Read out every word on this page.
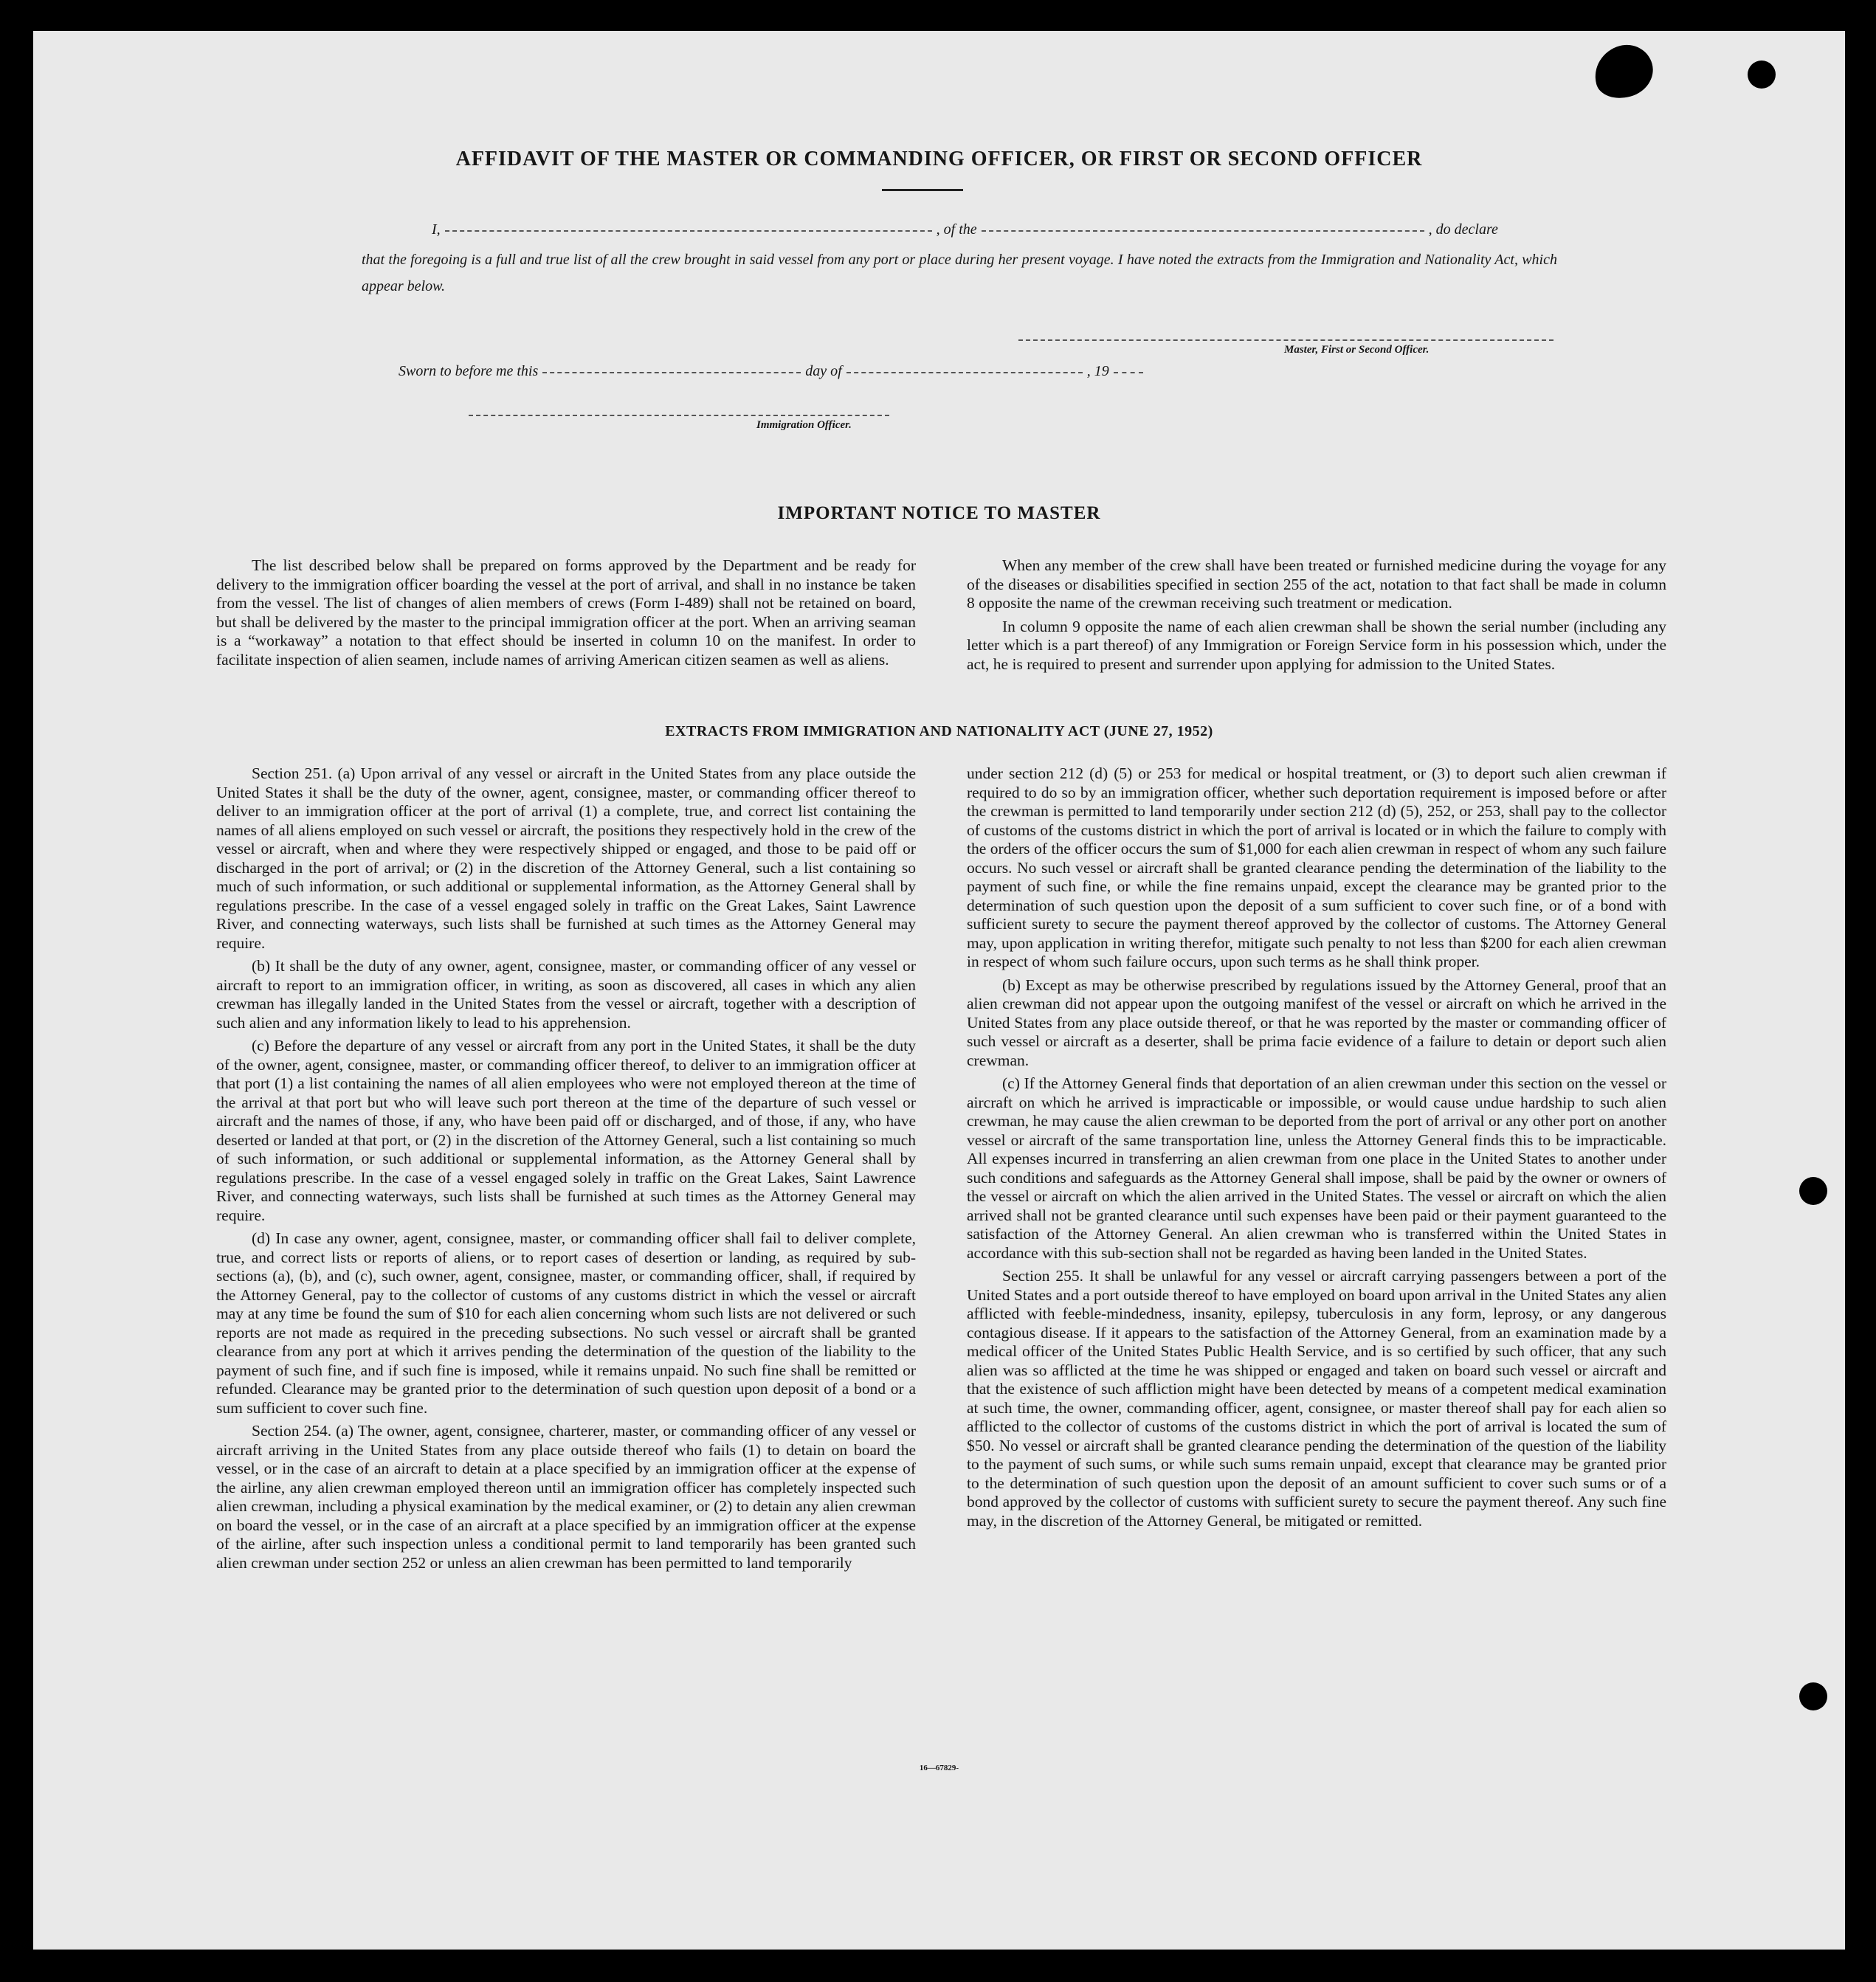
AFFIDAVIT OF THE MASTER OR COMMANDING OFFICER, OR FIRST OR SECOND OFFICER
I,	, of the	, do declare
that the foregoing is a full and true list of all the crew brought in said vessel from any port or place during her present voyage. I have noted the extracts from the Immigration and Nationality Act, which appear below.
Master, First or Second Officer.
Sworn to before me this	day of	, 19
Immigration Officer.
IMPORTANT NOTICE TO MASTER

The list described below shall be prepared on forms approved by the Department and be ready for delivery to the immigration officer boarding the vessel at the port of arrival, and shall in no instance be taken from the vessel. The list of changes of alien members of crews (Form I-489) shall not be retained on board, but shall be delivered by the master to the principal immigration officer at the port. When an arriving seaman is a “workaway” a notation to that effect should be inserted in column 10 on the manifest. In order to facilitate inspection of alien seamen, include names of arriving American citizen seamen as well as aliens.

When any member of the crew shall have been treated or furnished medicine during the voyage for any of the diseases or disabilities specified in section 255 of the act, notation to that fact shall be made in column 8 opposite the name of the crewman receiving such treatment or medication.

In column 9 opposite the name of each alien crewman shall be shown the serial number (including any letter which is a part thereof) of any Immigration or Foreign Service form in his possession which, under the act, he is required to present and surrender upon applying for admission to the United States.

EXTRACTS FROM IMMIGRATION AND NATIONALITY ACT (JUNE 27, 1952)

Section 251. (a) Upon arrival of any vessel or aircraft in the United States from any place outside the United States it shall be the duty of the owner, agent, consignee, master, or commanding officer thereof to deliver to an immigration officer at the port of arrival (1) a complete, true, and correct list containing the names of all aliens employed on such vessel or aircraft, the positions they respectively hold in the crew of the vessel or aircraft, when and where they were respectively shipped or engaged, and those to be paid off or discharged in the port of arrival; or (2) in the discretion of the Attorney General, such a list containing so much of such information, or such additional or supplemental information, as the Attorney General shall by regulations prescribe. In the case of a vessel engaged solely in traffic on the Great Lakes, Saint Lawrence River, and connecting waterways, such lists shall be furnished at such times as the Attorney General may require.

(b) It shall be the duty of any owner, agent, consignee, master, or commanding officer of any vessel or aircraft to report to an immigration officer, in writing, as soon as discovered, all cases in which any alien crewman has illegally landed in the United States from the vessel or aircraft, together with a description of such alien and any information likely to lead to his apprehension.

(c) Before the departure of any vessel or aircraft from any port in the United States, it shall be the duty of the owner, agent, consignee, master, or commanding officer thereof, to deliver to an immigration officer at that port (1) a list containing the names of all alien employees who were not employed thereon at the time of the arrival at that port but who will leave such port thereon at the time of the departure of such vessel or aircraft and the names of those, if any, who have been paid off or discharged, and of those, if any, who have deserted or landed at that port, or (2) in the discretion of the Attorney General, such a list containing so much of such information, or such additional or supplemental information, as the Attorney General shall by regulations prescribe. In the case of a vessel engaged solely in traffic on the Great Lakes, Saint Lawrence River, and connecting waterways, such lists shall be furnished at such times as the Attorney General may require.

(d) In case any owner, agent, consignee, master, or commanding officer shall fail to deliver complete, true, and correct lists or reports of aliens, or to report cases of desertion or landing, as required by sub-sections (a), (b), and (c), such owner, agent, consignee, master, or commanding officer, shall, if required by the Attorney General, pay to the collector of customs of any customs district in which the vessel or aircraft may at any time be found the sum of $10 for each alien concerning whom such lists are not delivered or such reports are not made as required in the preceding subsections. No such vessel or aircraft shall be granted clearance from any port at which it arrives pending the determination of the question of the liability to the payment of such fine, and if such fine is imposed, while it remains unpaid. No such fine shall be remitted or refunded. Clearance may be granted prior to the determination of such question upon deposit of a bond or a sum sufficient to cover such fine.

Section 254. (a) The owner, agent, consignee, charterer, master, or commanding officer of any vessel or aircraft arriving in the United States from any place outside thereof who fails (1) to detain on board the vessel, or in the case of an aircraft to detain at a place specified by an immigration officer at the expense of the airline, any alien crewman employed thereon until an immigration officer has completely inspected such alien crewman, including a physical examination by the medical examiner, or (2) to detain any alien crewman on board the vessel, or in the case of an aircraft at a place specified by an immigration officer at the expense of the airline, after such inspection unless a conditional permit to land temporarily has been granted such alien crewman under section 252 or unless an alien crewman has been permitted to land temporarily

under section 212 (d) (5) or 253 for medical or hospital treatment, or (3) to deport such alien crewman if required to do so by an immigration officer, whether such deportation requirement is imposed before or after the crewman is permitted to land temporarily under section 212 (d) (5), 252, or 253, shall pay to the collector of customs of the customs district in which the port of arrival is located or in which the failure to comply with the orders of the officer occurs the sum of $1,000 for each alien crewman in respect of whom any such failure occurs. No such vessel or aircraft shall be granted clearance pending the determination of the liability to the payment of such fine, or while the fine remains unpaid, except the clearance may be granted prior to the determination of such question upon the deposit of a sum sufficient to cover such fine, or of a bond with sufficient surety to secure the payment thereof approved by the collector of customs. The Attorney General may, upon application in writing therefor, mitigate such penalty to not less than $200 for each alien crewman in respect of whom such failure occurs, upon such terms as he shall think proper.

(b) Except as may be otherwise prescribed by regulations issued by the Attorney General, proof that an alien crewman did not appear upon the outgoing manifest of the vessel or aircraft on which he arrived in the United States from any place outside thereof, or that he was reported by the master or commanding officer of such vessel or aircraft as a deserter, shall be prima facie evidence of a failure to detain or deport such alien crewman.

(c) If the Attorney General finds that deportation of an alien crewman under this section on the vessel or aircraft on which he arrived is impracticable or impossible, or would cause undue hardship to such alien crewman, he may cause the alien crewman to be deported from the port of arrival or any other port on another vessel or aircraft of the same transportation line, unless the Attorney General finds this to be impracticable. All expenses incurred in transferring an alien crewman from one place in the United States to another under such conditions and safeguards as the Attorney General shall impose, shall be paid by the owner or owners of the vessel or aircraft on which the alien arrived in the United States. The vessel or aircraft on which the alien arrived shall not be granted clearance until such expenses have been paid or their payment guaranteed to the satisfaction of the Attorney General. An alien crewman who is transferred within the United States in accordance with this sub-section shall not be regarded as having been landed in the United States.

Section 255. It shall be unlawful for any vessel or aircraft carrying passengers between a port of the United States and a port outside thereof to have employed on board upon arrival in the United States any alien afflicted with feeble-mindedness, insanity, epilepsy, tuberculosis in any form, leprosy, or any dangerous contagious disease. If it appears to the satisfaction of the Attorney General, from an examination made by a medical officer of the United States Public Health Service, and is so certified by such officer, that any such alien was so afflicted at the time he was shipped or engaged and taken on board such vessel or aircraft and that the existence of such affliction might have been detected by means of a competent medical examination at such time, the owner, commanding officer, agent, consignee, or master thereof shall pay for each alien so afflicted to the collector of customs of the customs district in which the port of arrival is located the sum of $50. No vessel or aircraft shall be granted clearance pending the determination of the question of the liability to the payment of such sums, or while such sums remain unpaid, except that clearance may be granted prior to the determination of such question upon the deposit of an amount sufficient to cover such sums or of a bond approved by the collector of customs with sufficient surety to secure the payment thereof. Any such fine may, in the discretion of the Attorney General, be mitigated or remitted.

16—67829-
